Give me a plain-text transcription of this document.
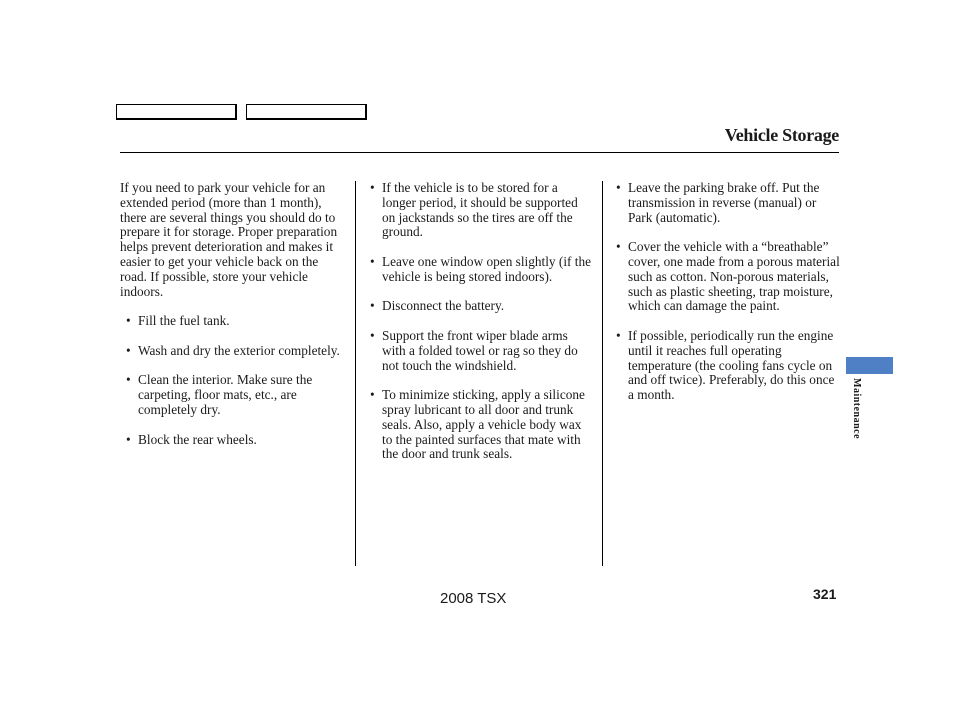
Vehicle Storage

If you need to park your vehicle for an extended period (more than 1 month), there are several things you should do to prepare it for storage. Proper preparation helps prevent deterioration and makes it easier to get your vehicle back on the road. If possible, store your vehicle indoors.

• Fill the fuel tank.
• Wash and dry the exterior completely.
• Clean the interior. Make sure the carpeting, floor mats, etc., are completely dry.
• Block the rear wheels.
• If the vehicle is to be stored for a longer period, it should be supported on jackstands so the tires are off the ground.
• Leave one window open slightly (if the vehicle is being stored indoors).
• Disconnect the battery.
• Support the front wiper blade arms with a folded towel or rag so they do not touch the windshield.
• To minimize sticking, apply a silicone spray lubricant to all door and trunk seals. Also, apply a vehicle body wax to the painted surfaces that mate with the door and trunk seals.
• Leave the parking brake off. Put the transmission in reverse (manual) or Park (automatic).
• Cover the vehicle with a “breathable” cover, one made from a porous material such as cotton. Non-porous materials, such as plastic sheeting, trap moisture, which can damage the paint.
• If possible, periodically run the engine until it reaches full operating temperature (the cooling fans cycle on and off twice). Preferably, do this once a month.	Maintenance
2008 TSX	321
